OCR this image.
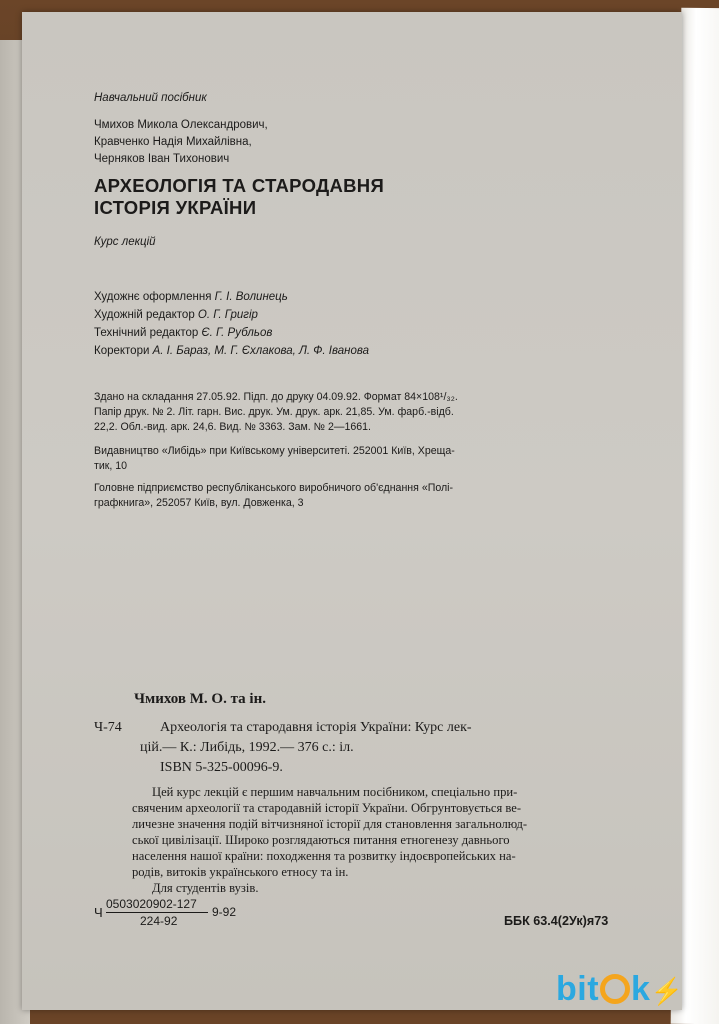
Навчальний посібник
Чмихов Микола Олександрович,
Кравченко Надія Михайлівна,
Черняков Іван Тихонович
АРХЕОЛОГІЯ ТА СТАРОДАВНЯ
ІСТОРІЯ УКРАЇНИ
Курс лекцій
Художнє оформлення Г. І. Волинець
Художній редактор О. Г. Григір
Технічний редактор Є. Г. Рубльов
Коректори А. І. Бараз, М. Г. Єхлакова, Л. Ф. Іванова
Здано на складання 27.05.92. Підп. до друку 04.09.92. Формат 84×108¹/₃₂.
Папір друк. № 2. Літ. гарн. Вис. друк. Ум. друк. арк. 21,85. Ум. фарб.-відб.
22,2. Обл.-вид. арк. 24,6. Вид. № 3363. Зам. № 2—1661.
Видавництво «Либідь» при Київському університеті. 252001 Київ, Хреща-
тик, 10
Головне підприємство республіканського виробничого об'єднання «Полі-
графкнига», 252057 Київ, вул. Довженка, 3
Чмихов М. О. та ін.
Ч-74	Археологія та стародавня історія України: Курс лек-
цій.— К.: Либідь, 1992.— 376 с.: іл.
ISBN 5-325-00096-9.
Цей курс лекцій є першим навчальним посібником, спеціально при-
свяченим археології та стародавній історії України. Обгрунтовується ве-
личезне значення подій вітчизняної історії для становлення загальнолюд-
ської цивілізації. Широко розглядаються питання етногенезу давнього
населення нашої країни: походження та розвитку індоєвропейських на-
родів, витоків українського етносу та ін.
Для студентів вузів.
Ч
0503020902-127
224-92
9-92
ББК 63.4(2Ук)я73
bit k⚡
